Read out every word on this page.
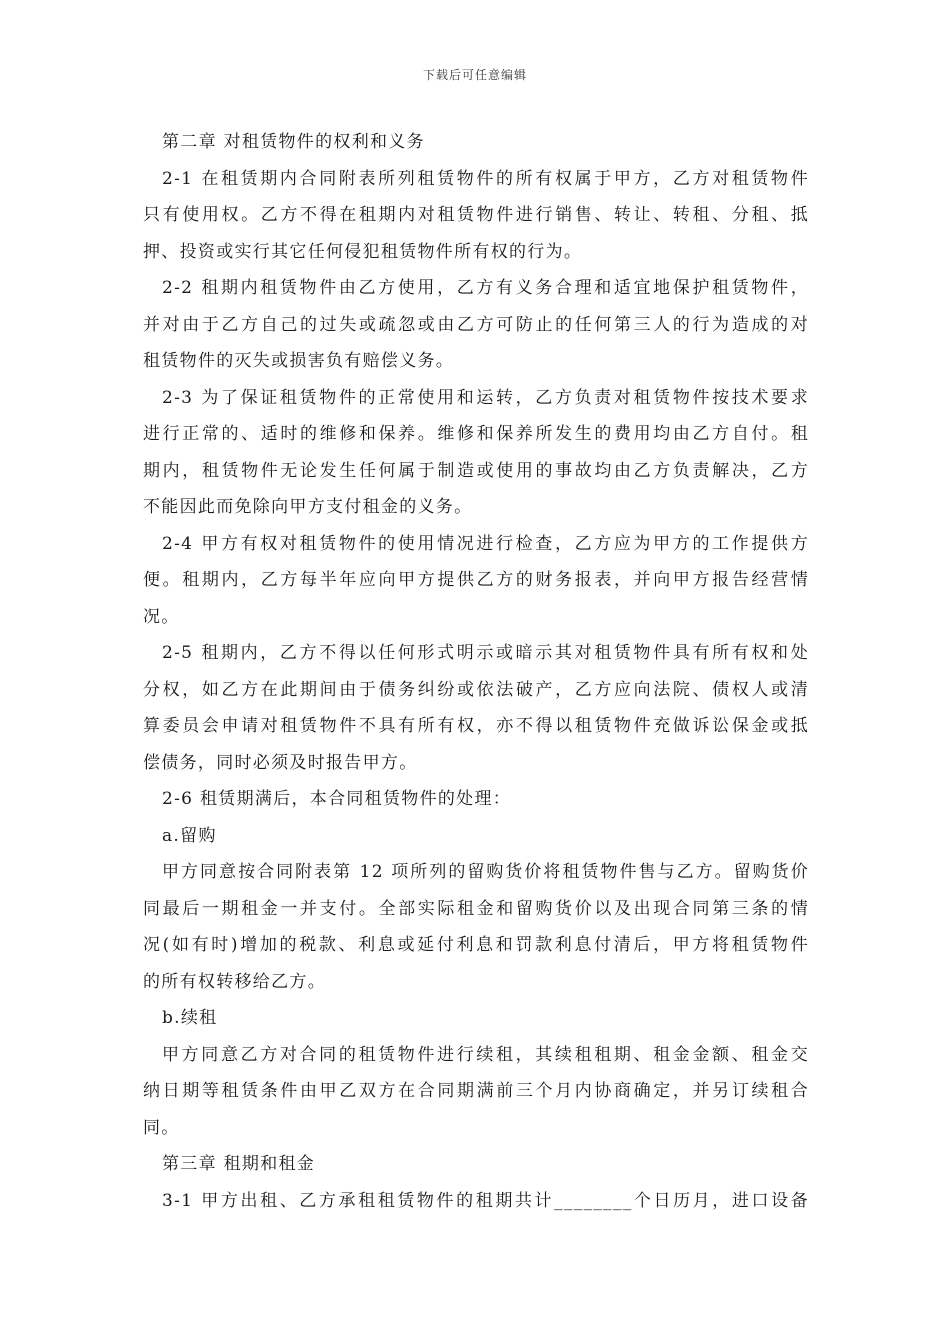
下载后可任意编辑
第二章 对租赁物件的权利和义务
2-1 在租赁期内合同附表所列租赁物件的所有权属于甲方，乙方对租赁物件
只有使用权。乙方不得在租期内对租赁物件进行销售、转让、转租、分租、抵
押、投资或实行其它任何侵犯租赁物件所有权的行为。
2-2 租期内租赁物件由乙方使用，乙方有义务合理和适宜地保护租赁物件，
并对由于乙方自己的过失或疏忽或由乙方可防止的任何第三人的行为造成的对
租赁物件的灭失或损害负有赔偿义务。
2-3 为了保证租赁物件的正常使用和运转，乙方负责对租赁物件按技术要求
进行正常的、适时的维修和保养。维修和保养所发生的费用均由乙方自付。租
期内，租赁物件无论发生任何属于制造或使用的事故均由乙方负责解决，乙方
不能因此而免除向甲方支付租金的义务。
2-4 甲方有权对租赁物件的使用情况进行检查，乙方应为甲方的工作提供方
便。租期内，乙方每半年应向甲方提供乙方的财务报表，并向甲方报告经营情
况。
2-5 租期内，乙方不得以任何形式明示或暗示其对租赁物件具有所有权和处
分权，如乙方在此期间由于债务纠纷或依法破产，乙方应向法院、债权人或清
算委员会申请对租赁物件不具有所有权，亦不得以租赁物件充做诉讼保金或抵
偿债务，同时必须及时报告甲方。
2-6 租赁期满后，本合同租赁物件的处理：
a.留购
甲方同意按合同附表第 12 项所列的留购货价将租赁物件售与乙方。留购货价
同最后一期租金一并支付。全部实际租金和留购货价以及出现合同第三条的情
况(如有时)增加的税款、利息或延付利息和罚款利息付清后，甲方将租赁物件
的所有权转移给乙方。
b.续租
甲方同意乙方对合同的租赁物件进行续租，其续租租期、租金金额、租金交
纳日期等租赁条件由甲乙双方在合同期满前三个月内协商确定，并另订续租合
同。
第三章 租期和租金
3-1 甲方出租、乙方承租租赁物件的租期共计________个日历月，进口设备
